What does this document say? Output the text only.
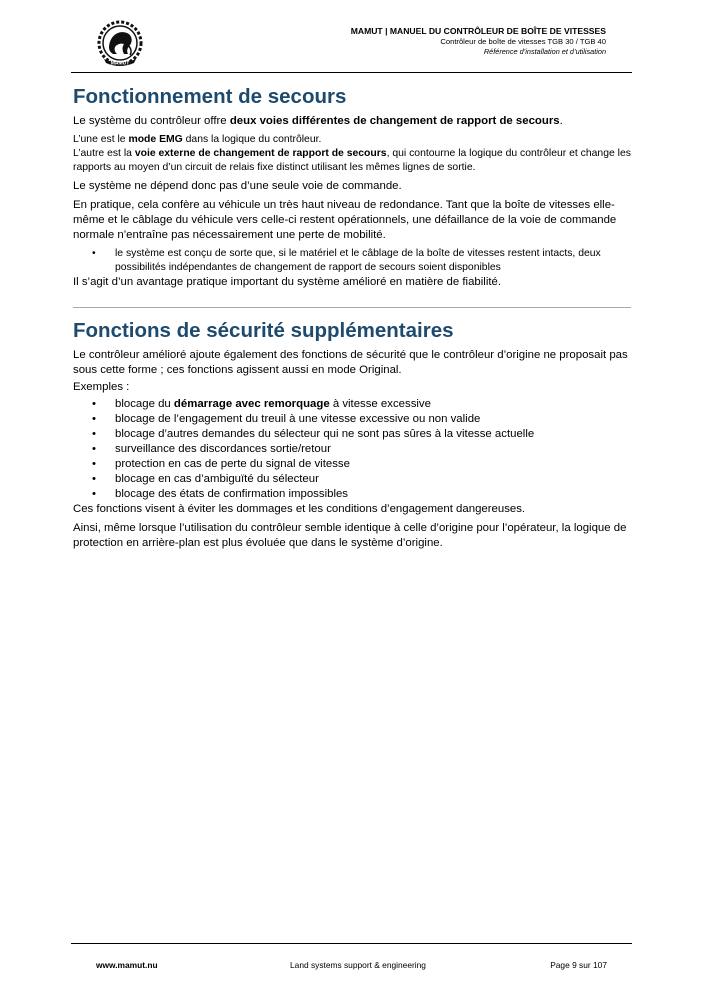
MAMUT
MAMUT | MANUEL DU CONTRÔLEUR DE BOÎTE DE VITESSES
Contrôleur de boîte de vitesses TGB 30 / TGB 40
Référence d’installation et d’utilisation
Fonctionnement de secours

Le système du contrôleur offre deux voies différentes de changement de rapport de secours.

L’une est le mode EMG dans la logique du contrôleur.

L’autre est la voie externe de changement de rapport de secours, qui contourne la logique du contrôleur et change les rapports au moyen d’un circuit de relais fixe distinct utilisant les mêmes lignes de sortie.

Le système ne dépend donc pas d’une seule voie de commande.

En pratique, cela confère au véhicule un très haut niveau de redondance. Tant que la boîte de vitesses elle-même et le câblage du véhicule vers celle-ci restent opérationnels, une défaillance de la voie de commande normale n’entraîne pas nécessairement une perte de mobilité.

• le système est conçu de sorte que, si le matériel et le câblage de la boîte de vitesses restent intacts, deux possibilités indépendantes de changement de rapport de secours soient disponibles

Il s’agit d’un avantage pratique important du système amélioré en matière de fiabilité.

Fonctions de sécurité supplémentaires

Le contrôleur amélioré ajoute également des fonctions de sécurité que le contrôleur d’origine ne proposait pas sous cette forme ; ces fonctions agissent aussi en mode Original.

Exemples :

• blocage du démarrage avec remorquage à vitesse excessive
• blocage de l’engagement du treuil à une vitesse excessive ou non valide
• blocage d’autres demandes du sélecteur qui ne sont pas sûres à la vitesse actuelle
• surveillance des discordances sortie/retour
• protection en cas de perte du signal de vitesse
• blocage en cas d’ambiguïté du sélecteur
• blocage des états de confirmation impossibles

Ces fonctions visent à éviter les dommages et les conditions d’engagement dangereuses.

Ainsi, même lorsque l’utilisation du contrôleur semble identique à celle d’origine pour l’opérateur, la logique de protection en arrière-plan est plus évoluée que dans le système d’origine.

www.mamut.nu	Land systems support & engineering	Page 9 sur 107
